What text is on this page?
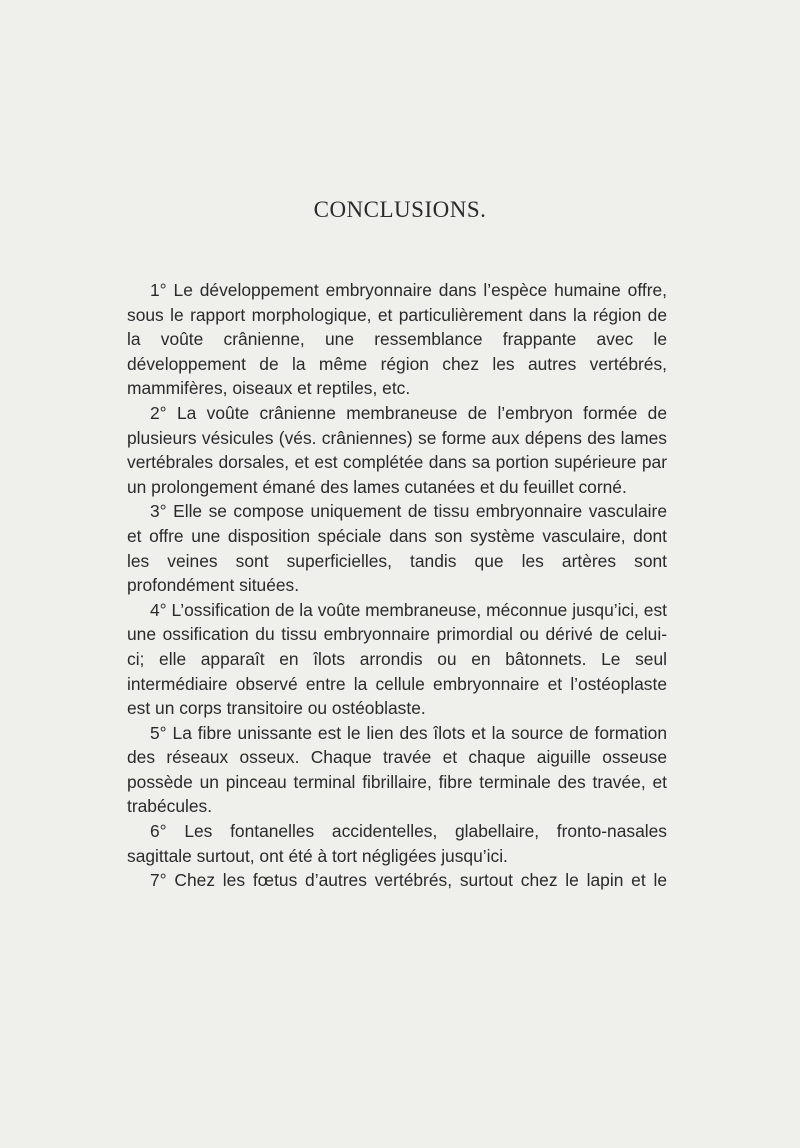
CONCLUSIONS.

1° Le développement embryonnaire dans l’espèce humaine offre, sous le rapport morphologique, et particulièrement dans la région de la voûte crânienne, une ressemblance frappante avec le développement de la même région chez les autres vertébrés, mammifères, oiseaux et reptiles, etc.

2° La voûte crânienne membraneuse de l’embryon formée de plusieurs vésicules (vés. crâniennes) se forme aux dépens des lames vertébrales dorsales, et est complétée dans sa portion supérieure par un prolongement émané des lames cutanées et du feuillet corné.

3° Elle se compose uniquement de tissu embryonnaire vasculaire et offre une disposition spéciale dans son système vasculaire, dont les veines sont superficielles, tandis que les artères sont profondément situées.

4° L’ossification de la voûte membraneuse, méconnue jusqu’ici, est une ossification du tissu embryonnaire primordial ou dérivé de celui-ci; elle apparaît en îlots arrondis ou en bâtonnets. Le seul intermédiaire observé entre la cellule embryonnaire et l’ostéoplaste est un corps transitoire ou ostéoblaste.

5° La fibre unissante est le lien des îlots et la source de formation des réseaux osseux. Chaque travée et chaque aiguille osseuse possède un pinceau terminal fibrillaire, fibre terminale des travée, et trabécules.

6° Les fontanelles accidentelles, glabellaire, fronto-nasales sagittale surtout, ont été à tort négligées jusqu’ici.

7° Chez les fœtus d’autres vertébrés, surtout chez le lapin et le
